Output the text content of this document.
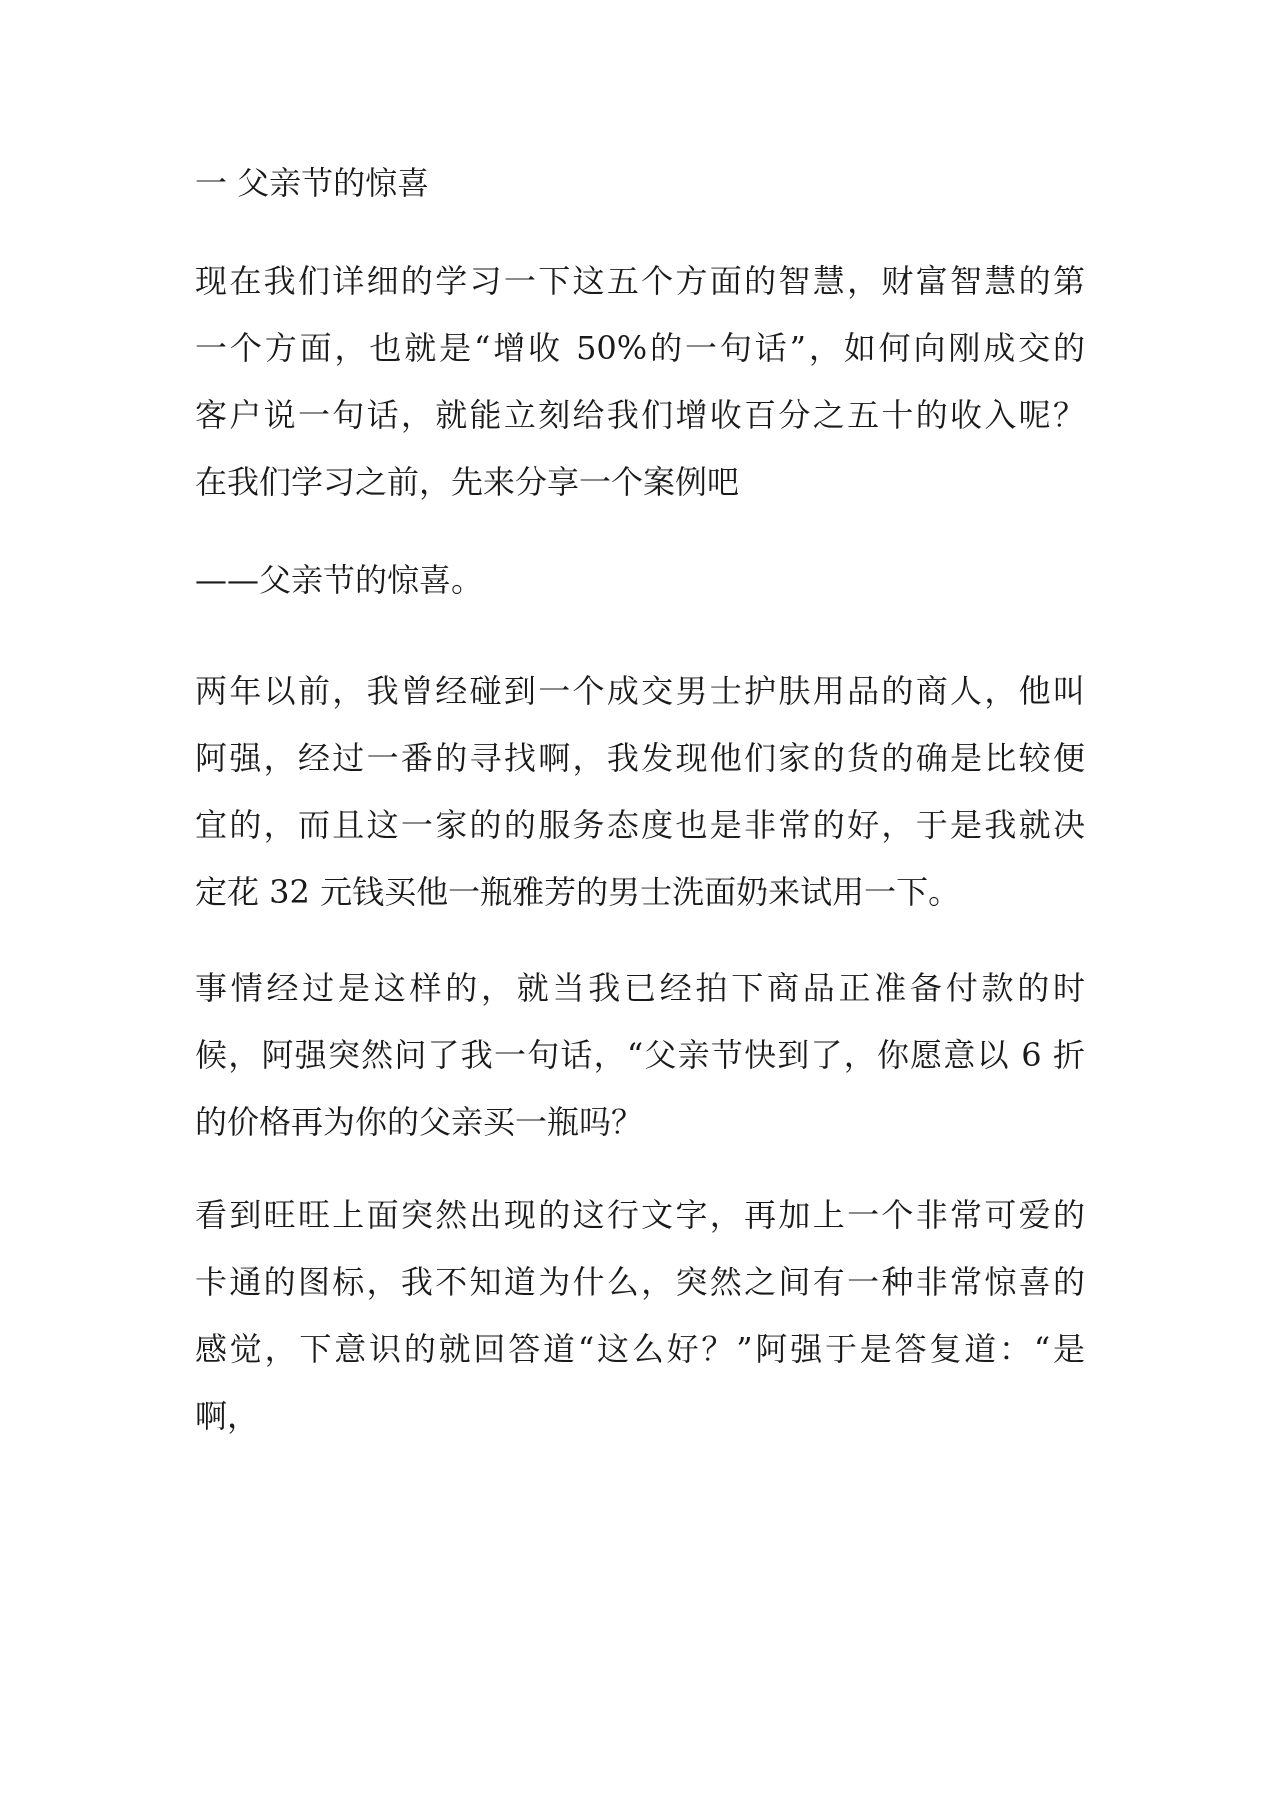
一 父亲节的惊喜
现在我们详细的学习一下这五个方面的智慧，财富智慧的第
一个方面，也就是“增收 50%的一句话”，如何向刚成交的
客户说一句话，就能立刻给我们增收百分之五十的收入呢？
在我们学习之前，先来分享一个案例吧
——父亲节的惊喜。
两年以前，我曾经碰到一个成交男士护肤用品的商人，他叫
阿强，经过一番的寻找啊，我发现他们家的货的确是比较便
宜的，而且这一家的的服务态度也是非常的好，于是我就决
定花 32 元钱买他一瓶雅芳的男士洗面奶来试用一下。
事情经过是这样的，就当我已经拍下商品正准备付款的时
候，阿强突然问了我一句话，“父亲节快到了，你愿意以 6 折
的价格再为你的父亲买一瓶吗？
看到旺旺上面突然出现的这行文字，再加上一个非常可爱的
卡通的图标，我不知道为什么，突然之间有一种非常惊喜的
感觉，下意识的就回答道“这么好？”阿强于是答复道：“是
啊，
